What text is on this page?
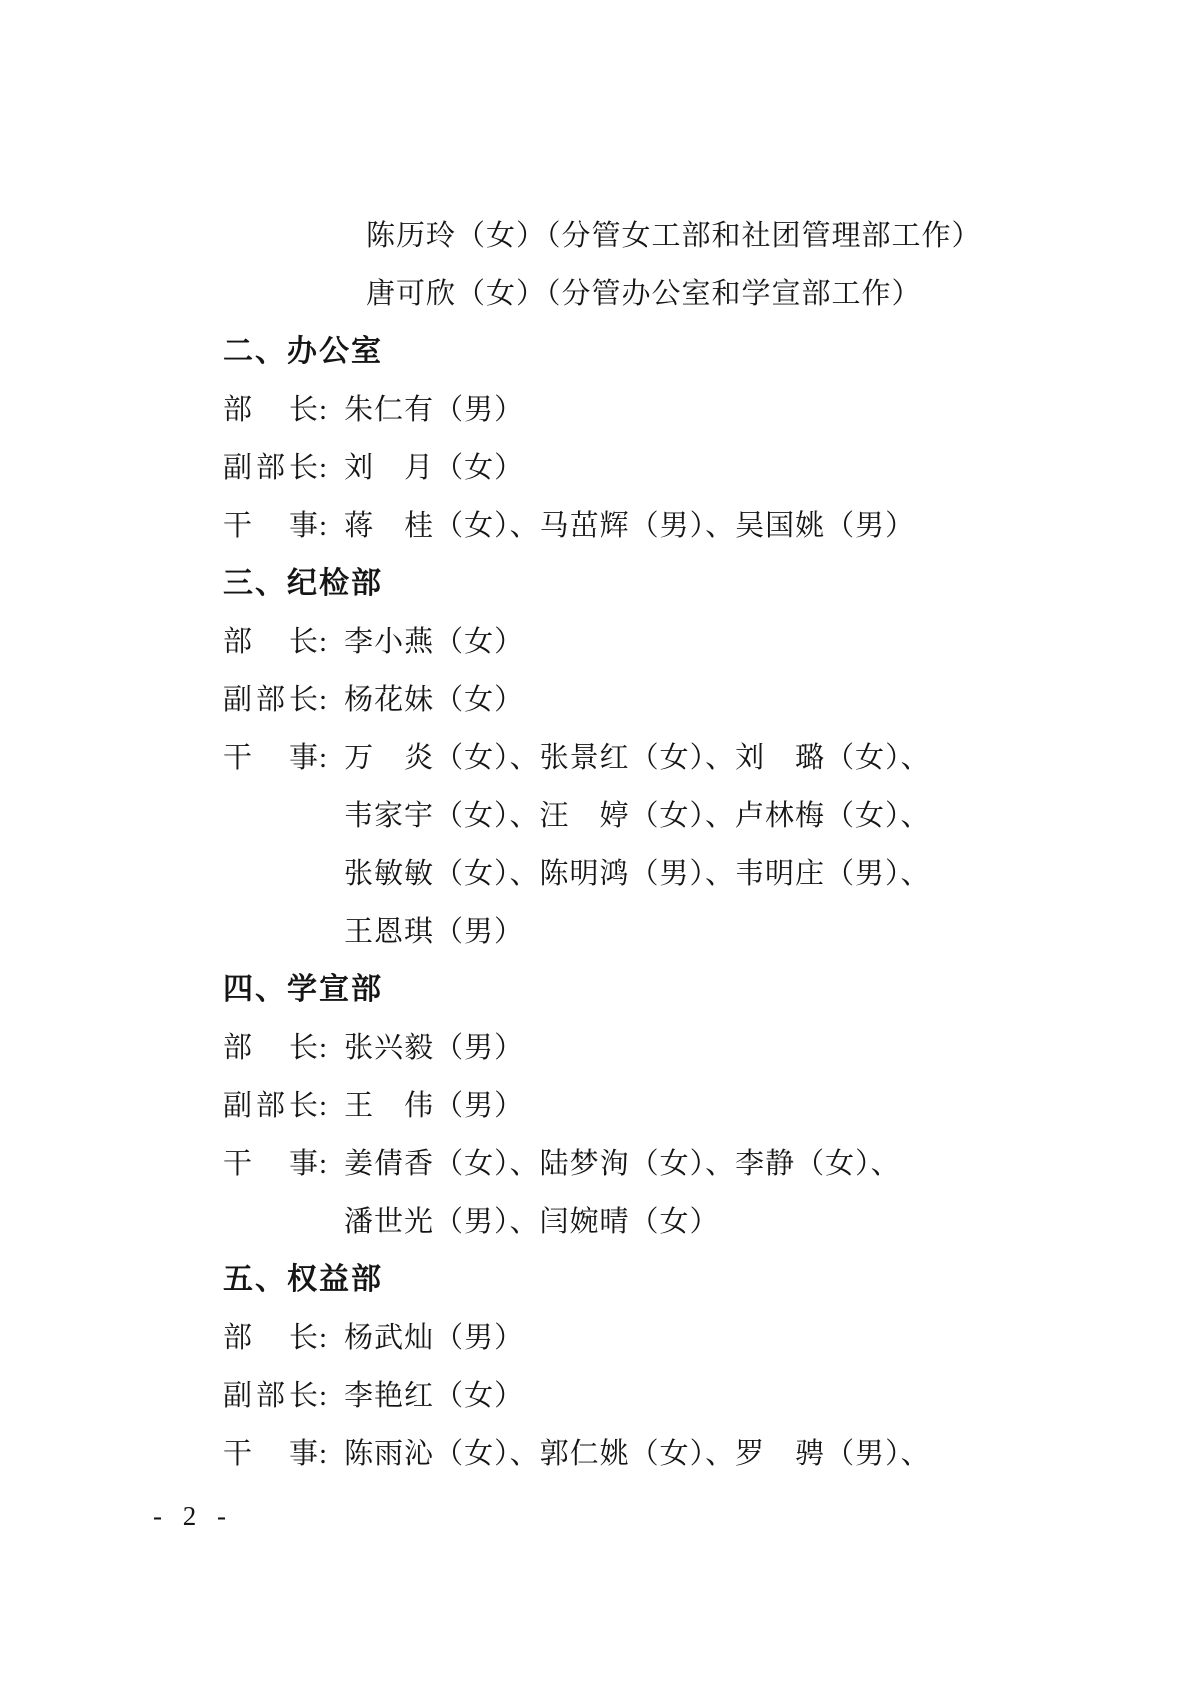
陈历玲（女）（分管女工部和社团管理部工作）
唐可欣（女）（分管办公室和学宣部工作）
二、办公室
部长: 朱仁有（男）
副部长: 刘　月（女）
干事: 蒋　桂（女）、马茁辉（男）、吴国姚（男）
三、纪检部
部长: 李小燕（女）
副部长: 杨花妹（女）
干事: 万　炎（女）、张景红（女）、刘　璐（女）、
韦家宇（女）、汪　婷（女）、卢林梅（女）、
张敏敏（女）、陈明鸿（男）、韦明庄（男）、
王恩琪（男）
四、学宣部
部长: 张兴毅（男）
副部长: 王　伟（男）
干事: 姜倩香（女）、陆梦洵（女）、李静（女）、
潘世光（男）、闫婉晴（女）
五、权益部
部长: 杨武灿（男）
副部长: 李艳红（女）
干事: 陈雨沁（女）、郭仁姚（女）、罗　骋（男）、
- 2 -
